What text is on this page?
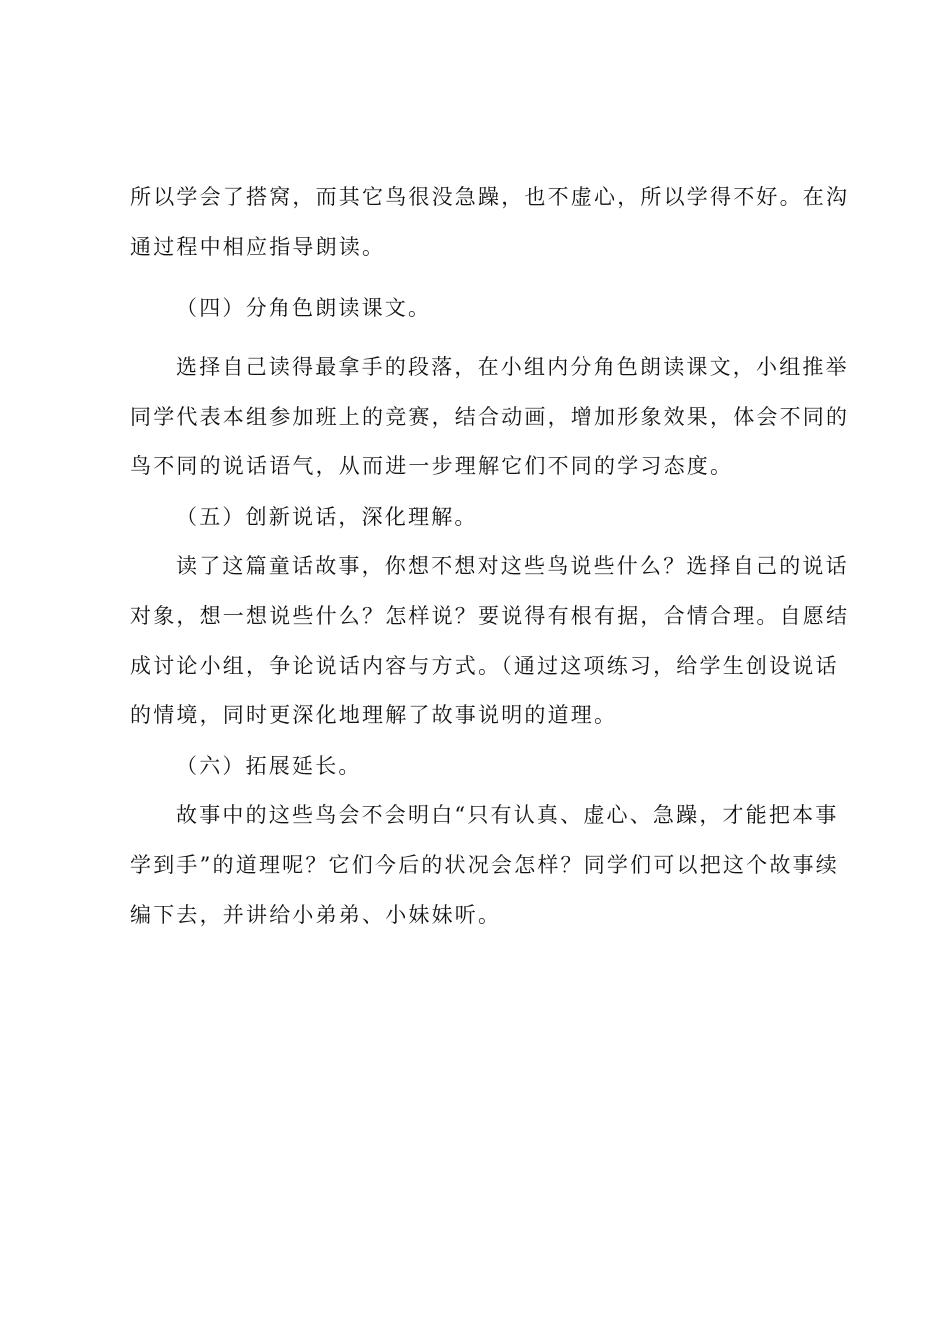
所以学会了搭窝，而其它鸟很没急躁，也不虚心，所以学得不好。在沟
通过程中相应指导朗读。
（四）分角色朗读课文。
选择自己读得最拿手的段落，在小组内分角色朗读课文，小组推举
同学代表本组参加班上的竞赛，结合动画，增加形象效果，体会不同的
鸟不同的说话语气，从而进一步理解它们不同的学习态度。
（五）创新说话，深化理解。
读了这篇童话故事，你想不想对这些鸟说些什么？选择自己的说话
对象，想一想说些什么？怎样说？要说得有根有据，合情合理。自愿结
成讨论小组，争论说话内容与方式。（通过这项练习，给学生创设说话
的情境，同时更深化地理解了故事说明的道理。
（六）拓展延长。
故事中的这些鸟会不会明白“只有认真、虚心、急躁，才能把本事
学到手”的道理呢？它们今后的状况会怎样？同学们可以把这个故事续
编下去，并讲给小弟弟、小妹妹听。
